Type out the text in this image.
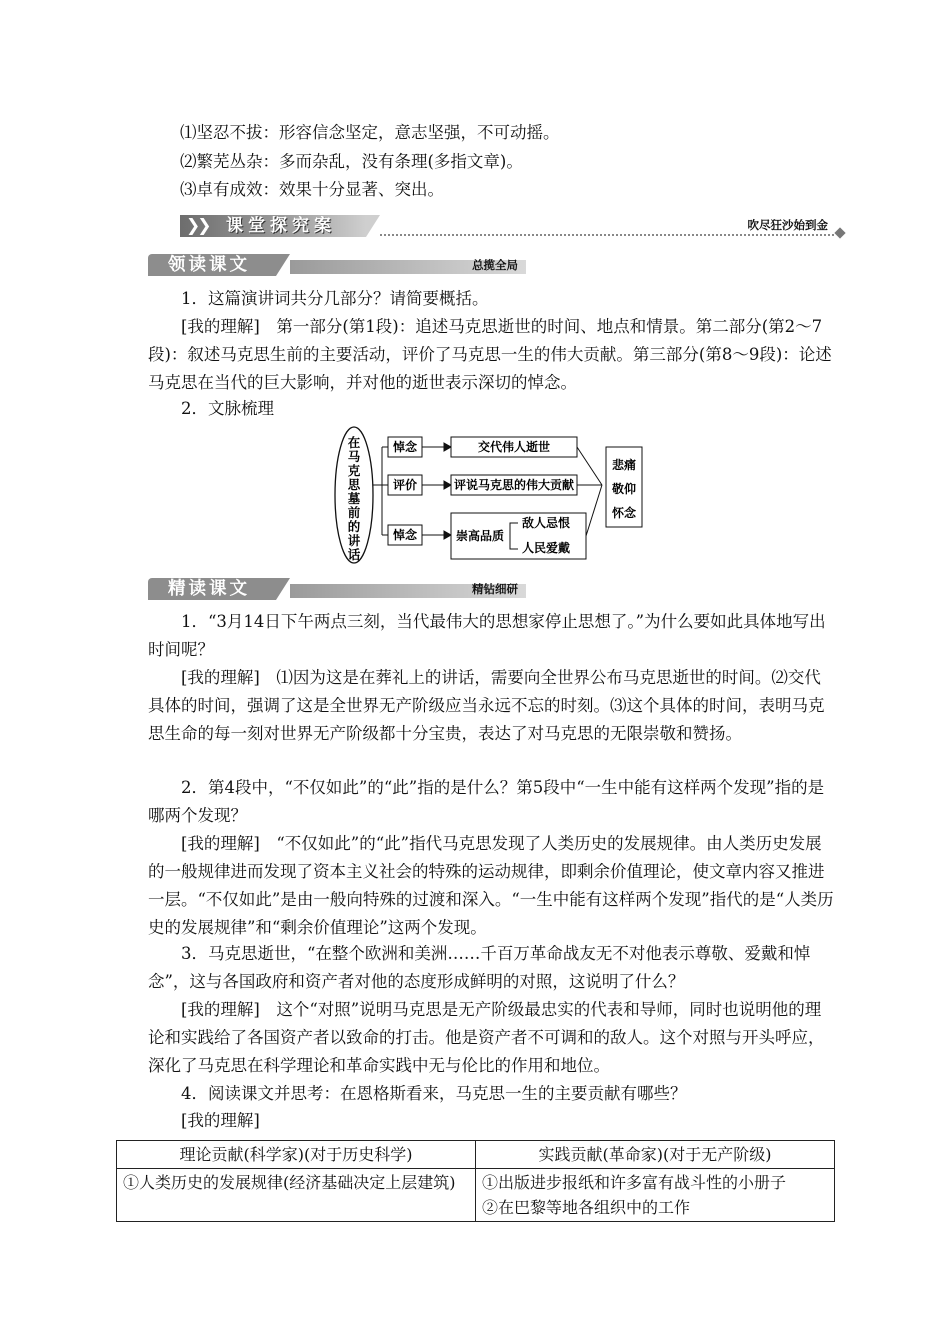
⑴坚忍不拔：形容信念坚定，意志坚强，不可动摇。
⑵繁芜丛杂：多而杂乱，没有条理(多指文章)。
⑶卓有成效：效果十分显著、突出。
❯❯ 课堂探究案	吹尽狂沙始到金
领读课文	总揽全局

1．这篇演讲词共分几部分？请简要概括。

[我的理解]　第一部分(第1段)：追述马克思逝世的时间、地点和情景。第二部分(第2～7段)：叙述马克思生前的主要活动，评价了马克思一生的伟大贡献。第三部分(第8～9段)：论述马克思在当代的巨大影响，并对他的逝世表示深切的悼念。

2．文脉梳理

在
马
克
思
墓
前
的
讲
话
悼念
评价
悼念
交代伟人逝世
评说马克思的伟大贡献
崇高品质
敌人忌恨
人民爱戴
悲痛
敬仰
怀念
精读课文	精钻细研

1．“3月14日下午两点三刻，当代最伟大的思想家停止思想了。”为什么要如此具体地写出时间呢？

[我的理解]　⑴因为这是在葬礼上的讲话，需要向全世界公布马克思逝世的时间。⑵交代具体的时间，强调了这是全世界无产阶级应当永远不忘的时刻。⑶这个具体的时间，表明马克思生命的每一刻对世界无产阶级都十分宝贵，表达了对马克思的无限崇敬和赞扬。

2．第4段中，“不仅如此”的“此”指的是什么？第5段中“一生中能有这样两个发现”指的是哪两个发现？

[我的理解]　“不仅如此”的“此”指代马克思发现了人类历史的发展规律。由人类历史发展的一般规律进而发现了资本主义社会的特殊的运动规律，即剩余价值理论，使文章内容又推进一层。“不仅如此”是由一般向特殊的过渡和深入。“一生中能有这样两个发现”指代的是“人类历史的发展规律”和“剩余价值理论”这两个发现。

3．马克思逝世，“在整个欧洲和美洲……千百万革命战友无不对他表示尊敬、爱戴和悼念”，这与各国政府和资产者对他的态度形成鲜明的对照，这说明了什么？

[我的理解]　这个“对照”说明马克思是无产阶级最忠实的代表和导师，同时也说明他的理论和实践给了各国资产者以致命的打击。他是资产者不可调和的敌人。这个对照与开头呼应，深化了马克思在科学理论和革命实践中无与伦比的作用和地位。

4．阅读课文并思考：在恩格斯看来，马克思一生的主要贡献有哪些？

[我的理解]

理论贡献(科学家)(对于历史科学)	实践贡献(革命家)(对于无产阶级)
①人类历史的发展规律(经济基础决定上层建筑)	①出版进步报纸和许多富有战斗性的小册子
②在巴黎等地各组织中的工作
